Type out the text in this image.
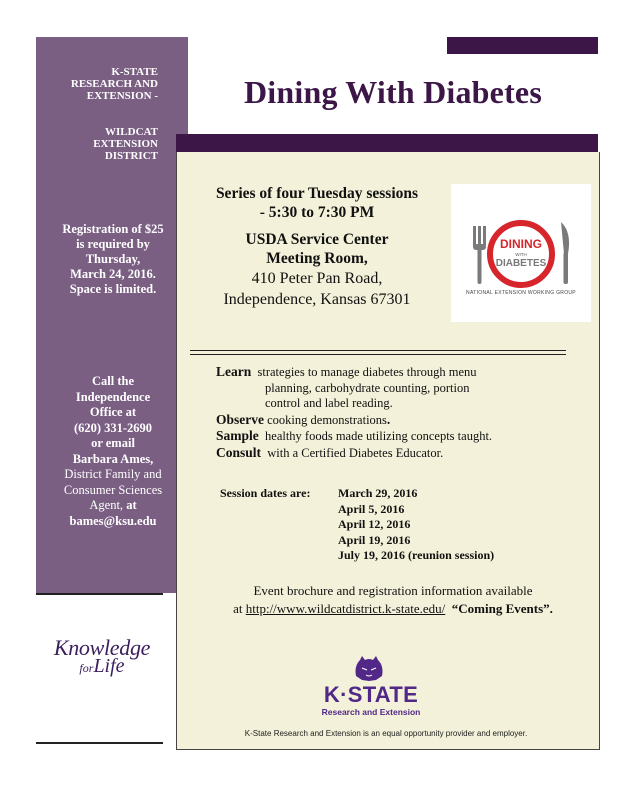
K-STATE
RESEARCH AND
EXTENSION -
WILDCAT
EXTENSION
DISTRICT
Registration of $25
is required by
Thursday,
March 24, 2016.
Space is limited.
Call the
Independence
Office at
(620) 331-2690
or email
Barbara Ames,
District Family and
Consumer Sciences
Agent, at
bames@ksu.edu
Knowledge
forLife
Dining With Diabetes
Series of four Tuesday sessions
- 5:30 to 7:30 PM
USDA Service Center
Meeting Room,
410 Peter Pan Road,
Independence, Kansas 67301
DINING
WITH
DIABETES
NATIONAL EXTENSION WORKING GROUP
Learn strategies to manage diabetes through menu
planning, carbohydrate counting, portion
control and label reading.
Observe cooking demonstrations.
Sample healthy foods made utilizing concepts taught.
Consult with a Certified Diabetes Educator.
Session dates are:	March 29, 2016
April 5, 2016
April 12, 2016
April 19, 2016
July 19, 2016 (reunion session)
Event brochure and registration information available
at http://www.wildcatdistrict.k-state.edu/ “Coming Events”.
K·STATE
Research and Extension
K-State Research and Extension is an equal opportunity provider and employer.
